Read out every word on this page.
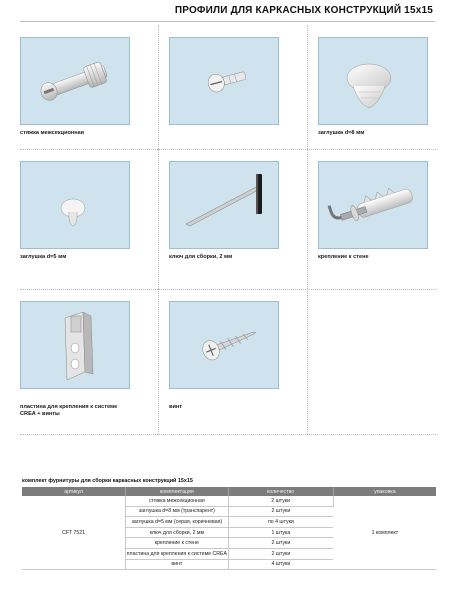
ПРОФИЛИ ДЛЯ КАРКАСНЫХ КОНСТРУКЦИЙ 15x15
стяжка межсекционная	заглушка d=8 мм
заглушка d=5 мм	ключ для сборки, 2 мм	крепление к стене
пластина для крепления к системе CREA + винты
винт
комплект фурнитуры для сборки каркасных конструкций 15x15
артикул	комплектация	количество	упаковка
CFT 7521	стяжка межсекционная	2 штуки	1 комплект
	заглушка d=8 мм (транспарент)	2 штуки	
	заглушка d=5 мм (серая, коричневая)	по 4 штуки	
	ключ для сборки, 2 мм	1 штука	
	крепление к стене	2 штуки	
	пластина для крепления к системе CREA	2 штуки	
	винт	4 штуки	
